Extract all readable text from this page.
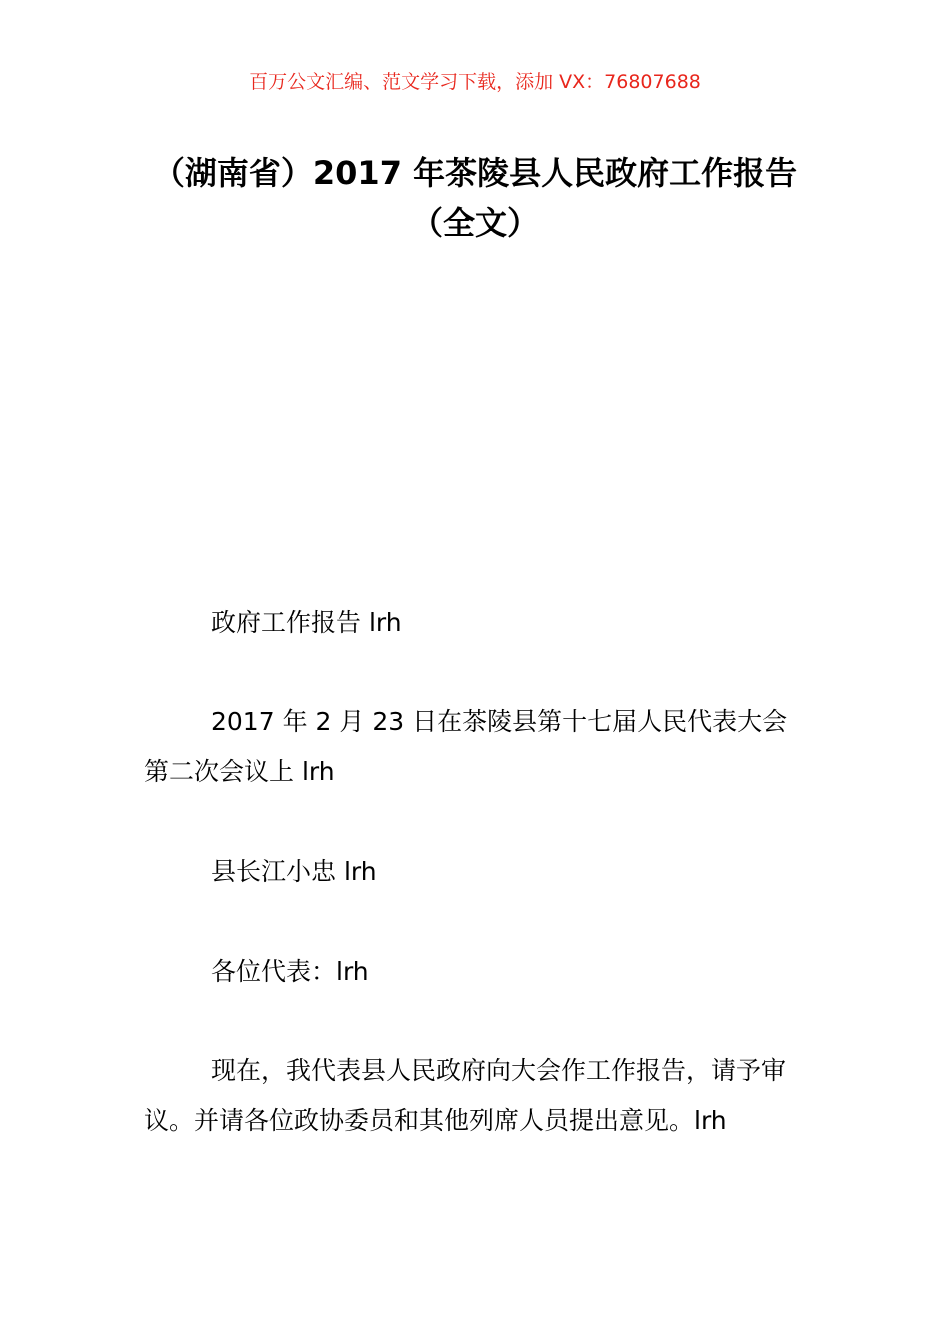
百万公文汇编、范文学习下载，添加 VX：76807688
（湖南省）2017 年茶陵县人民政府工作报告（全文）

政府工作报告 lrh

2017 年 2 月 23 日在茶陵县第十七届人民代表大会第二次会议上 lrh

县长江小忠 lrh

各位代表：lrh

现在，我代表县人民政府向大会作工作报告，请予审议。并请各位政协委员和其他列席人员提出意见。lrh
